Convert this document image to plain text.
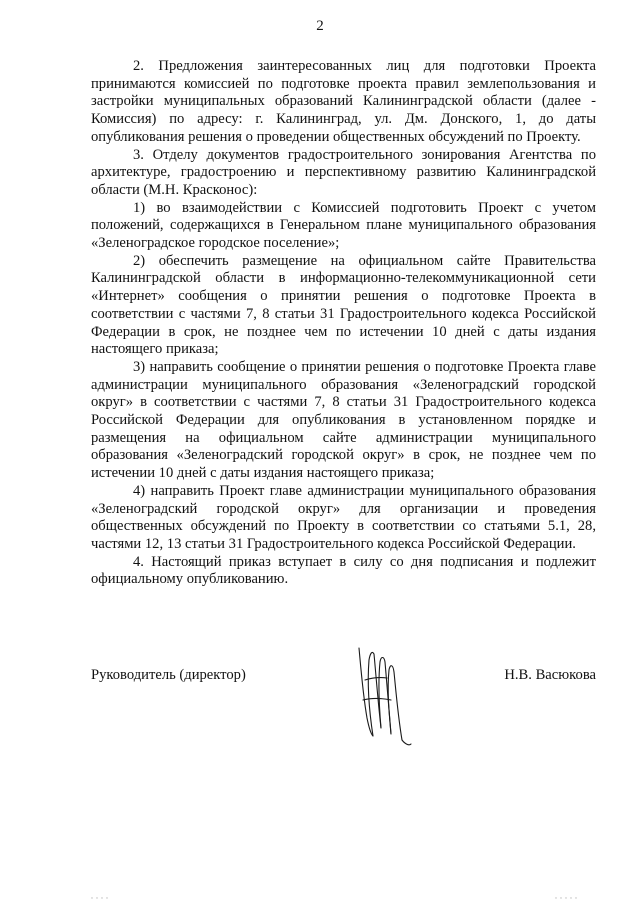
2

2. Предложения заинтересованных лиц для подготовки Проекта принимаются комиссией по подготовке проекта правил землепользования и застройки муниципальных образований Калининградской области (далее - Комиссия) по адресу: г. Калининград, ул. Дм. Донского, 1, до даты опубликования решения о проведении общественных обсуждений по Проекту.

3. Отделу документов градостроительного зонирования Агентства по архитектуре, градостроению и перспективному развитию Калининградской области (М.Н. Красконос):

1) во взаимодействии с Комиссией подготовить Проект с учетом положений, содержащихся в Генеральном плане муниципального образования «Зеленоградское городское поселение»;

2) обеспечить размещение на официальном сайте Правительства Калининградской области в информационно-телекоммуникационной сети «Интернет» сообщения о принятии решения о подготовке Проекта в соответствии с частями 7, 8 статьи 31 Градостроительного кодекса Российской Федерации в срок, не позднее чем по истечении 10 дней с даты издания настоящего приказа;

3) направить сообщение о принятии решения о подготовке Проекта главе администрации муниципального образования «Зеленоградский городской округ» в соответствии с частями 7, 8 статьи 31 Градостроительного кодекса Российской Федерации для опубликования в установленном порядке и размещения на официальном сайте администрации муниципального образования «Зеленоградский городской округ» в срок, не позднее чем по истечении 10 дней с даты издания настоящего приказа;

4) направить Проект главе администрации муниципального образования «Зеленоградский городской округ» для организации и проведения общественных обсуждений по Проекту в соответствии со статьями 5.1, 28, частями 12, 13 статьи 31 Градостроительного кодекса Российской Федерации.

4. Настоящий приказ вступает в силу со дня подписания и подлежит официальному опубликованию.

Руководитель (директор)	Н.В. Васюкова
